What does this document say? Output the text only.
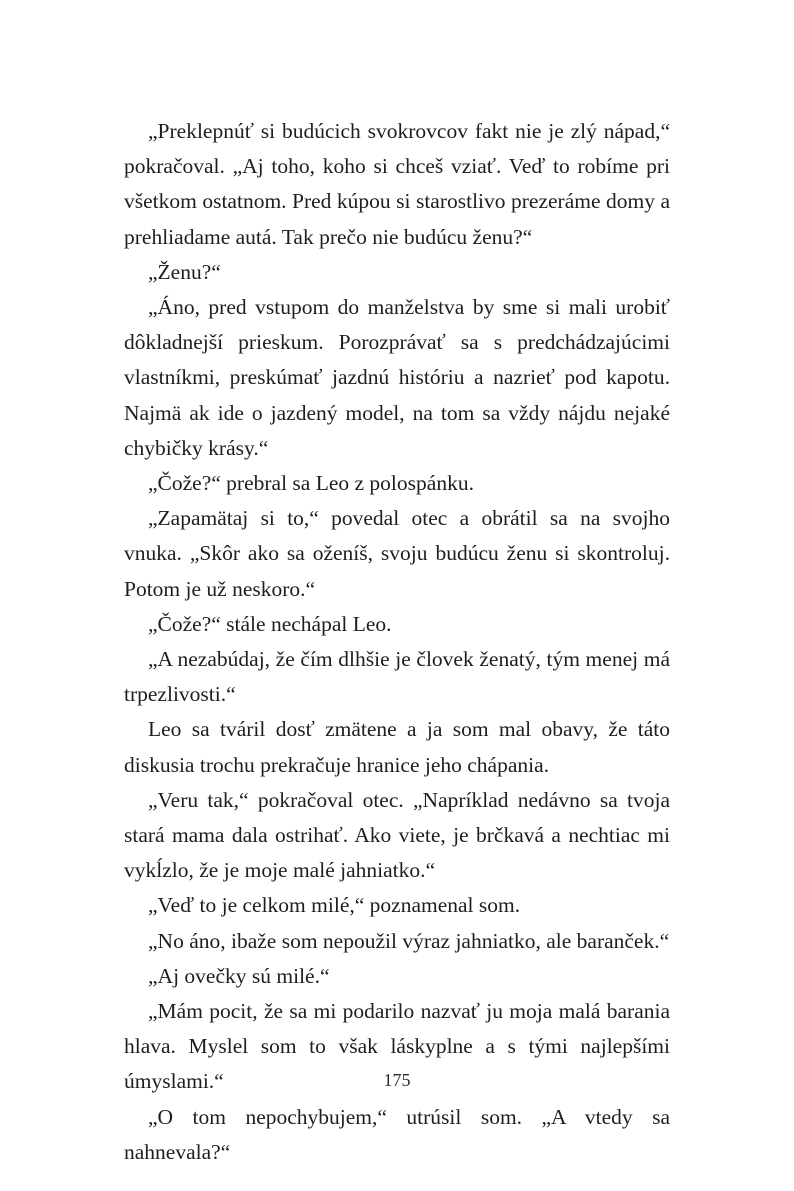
„Preklepnúť si budúcich svokrovcov fakt nie je zlý nápad,“ pokračoval. „Aj toho, koho si chceš vziať. Veď to robíme pri všetkom ostatnom. Pred kúpou si starostlivo prezeráme domy a prehliadame autá. Tak prečo nie budúcu ženu?“

„Ženu?“

„Áno, pred vstupom do manželstva by sme si mali urobiť dôkladnejší prieskum. Porozprávať sa s predchádzajúcimi vlastníkmi, preskúmať jazdnú históriu a nazrieť pod kapotu. Najmä ak ide o jazdený model, na tom sa vždy nájdu nejaké chybičky krásy.“

„Čože?“ prebral sa Leo z polospánku.

„Zapamätaj si to,“ povedal otec a obrátil sa na svojho vnuka. „Skôr ako sa oženíš, svoju budúcu ženu si skontroluj. Potom je už neskoro.“

„Čože?“ stále nechápal Leo.

„A nezabúdaj, že čím dlhšie je človek ženatý, tým menej má trpezlivosti.“

Leo sa tváril dosť zmätene a ja som mal obavy, že táto diskusia trochu prekračuje hranice jeho chápania.

„Veru tak,“ pokračoval otec. „Napríklad nedávno sa tvoja stará mama dala ostrihať. Ako viete, je brčkavá a nechtiac mi vykĺzlo, že je moje malé jahniatko.“

„Veď to je celkom milé,“ poznamenal som.

„No áno, ibaže som nepoužil výraz jahniatko, ale baranček.“

„Aj ovečky sú milé.“

„Mám pocit, že sa mi podarilo nazvať ju moja malá barania hlava. Myslel som to však láskyplne a s tými najlepšími úmyslami.“

„O tom nepochybujem,“ utrúsil som. „A vtedy sa nahnevala?“

175
